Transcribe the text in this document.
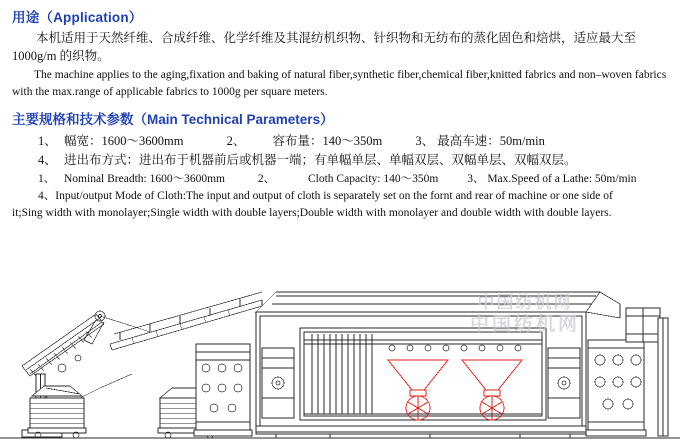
用途（Application）

本机适用于天然纤维、合成纤维、化学纤维及其混纺机织物、针织物和无纺布的蒸化固色和焙烘，适应最大至1000g/m 的织物。

The machine applies to the aging,fixation and baking of natural fiber,synthetic fiber,chemical fiber,knitted fabrics and non–woven fabrics with the max.range of applicable fabrics to 1000g per square meters.

主要规格和技术参数（Main Technical Parameters）

1、 幅宽：1600～3600mm	2、 容布量：140～350m	3、 最高车速：50m/min

4、 进出布方式：进出布于机器前后或机器一端；有单幅单层、单幅双层、双幅单层、双幅双层。

1、 Nominal Breadth: 1600～3600mm	2、	Cloth Capacity: 140～350m	3、 Max.Speed of a Lathe: 50m/min

4、Input/output Mode of Cloth:The input and output of cloth is separately set on the fornt and rear of machine or one side of

it;Sing width with monolayer;Single width with double layers;Double width with monolayer and double width with double layers.

中国纺机网
中国纺机网
